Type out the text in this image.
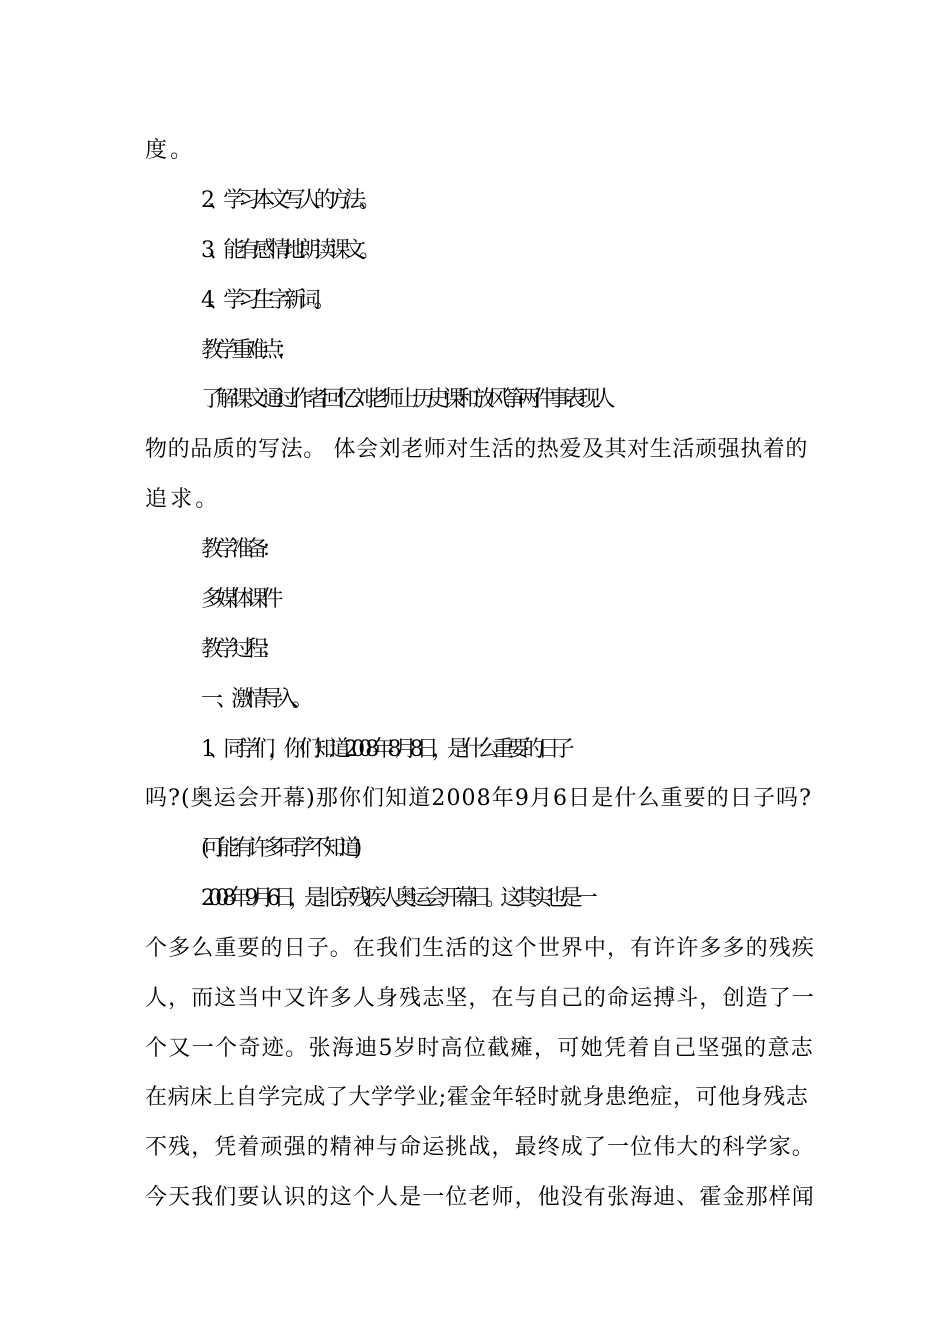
度。
2、学习本文写人的方法。
3、能有感情地朗读课文 。
4、学习生字新词。
教学重难点：
了解课文通过作者回忆刘老师上历史课和放风筝两件事表现人
物的品质的写法。 体会刘老师对生活的热爱及其对生活顽强执着的
追求。
教学准备：
多媒体课件
教学过程：
一、激情导入。
1、同学们，你们知道2008年8月8日，是什么重要的日子
吗?(奥运会开幕)那你们知道2008年9月6日是什么重要的日子吗?
(可能有许多同学不知道)
2008年9月6日，是北京残疾人奥运会开幕日。这其实也是一
个多么重要的日子。在我们生活的这个世界中，有许许多多的残疾
人，而这当中又许多人身残志坚，在与自己的命运搏斗，创造了一
个又一个奇迹。张海迪5岁时高位截瘫，可她凭着自己坚强的意志
在病床上自学完成了大学学业;霍金年轻时就身患绝症，可他身残志
不残，凭着顽强的精神与命运挑战，最终成了一位伟大的科学家。
今天我们要认识的这个人是一位老师，他没有张海迪、霍金那样闻
